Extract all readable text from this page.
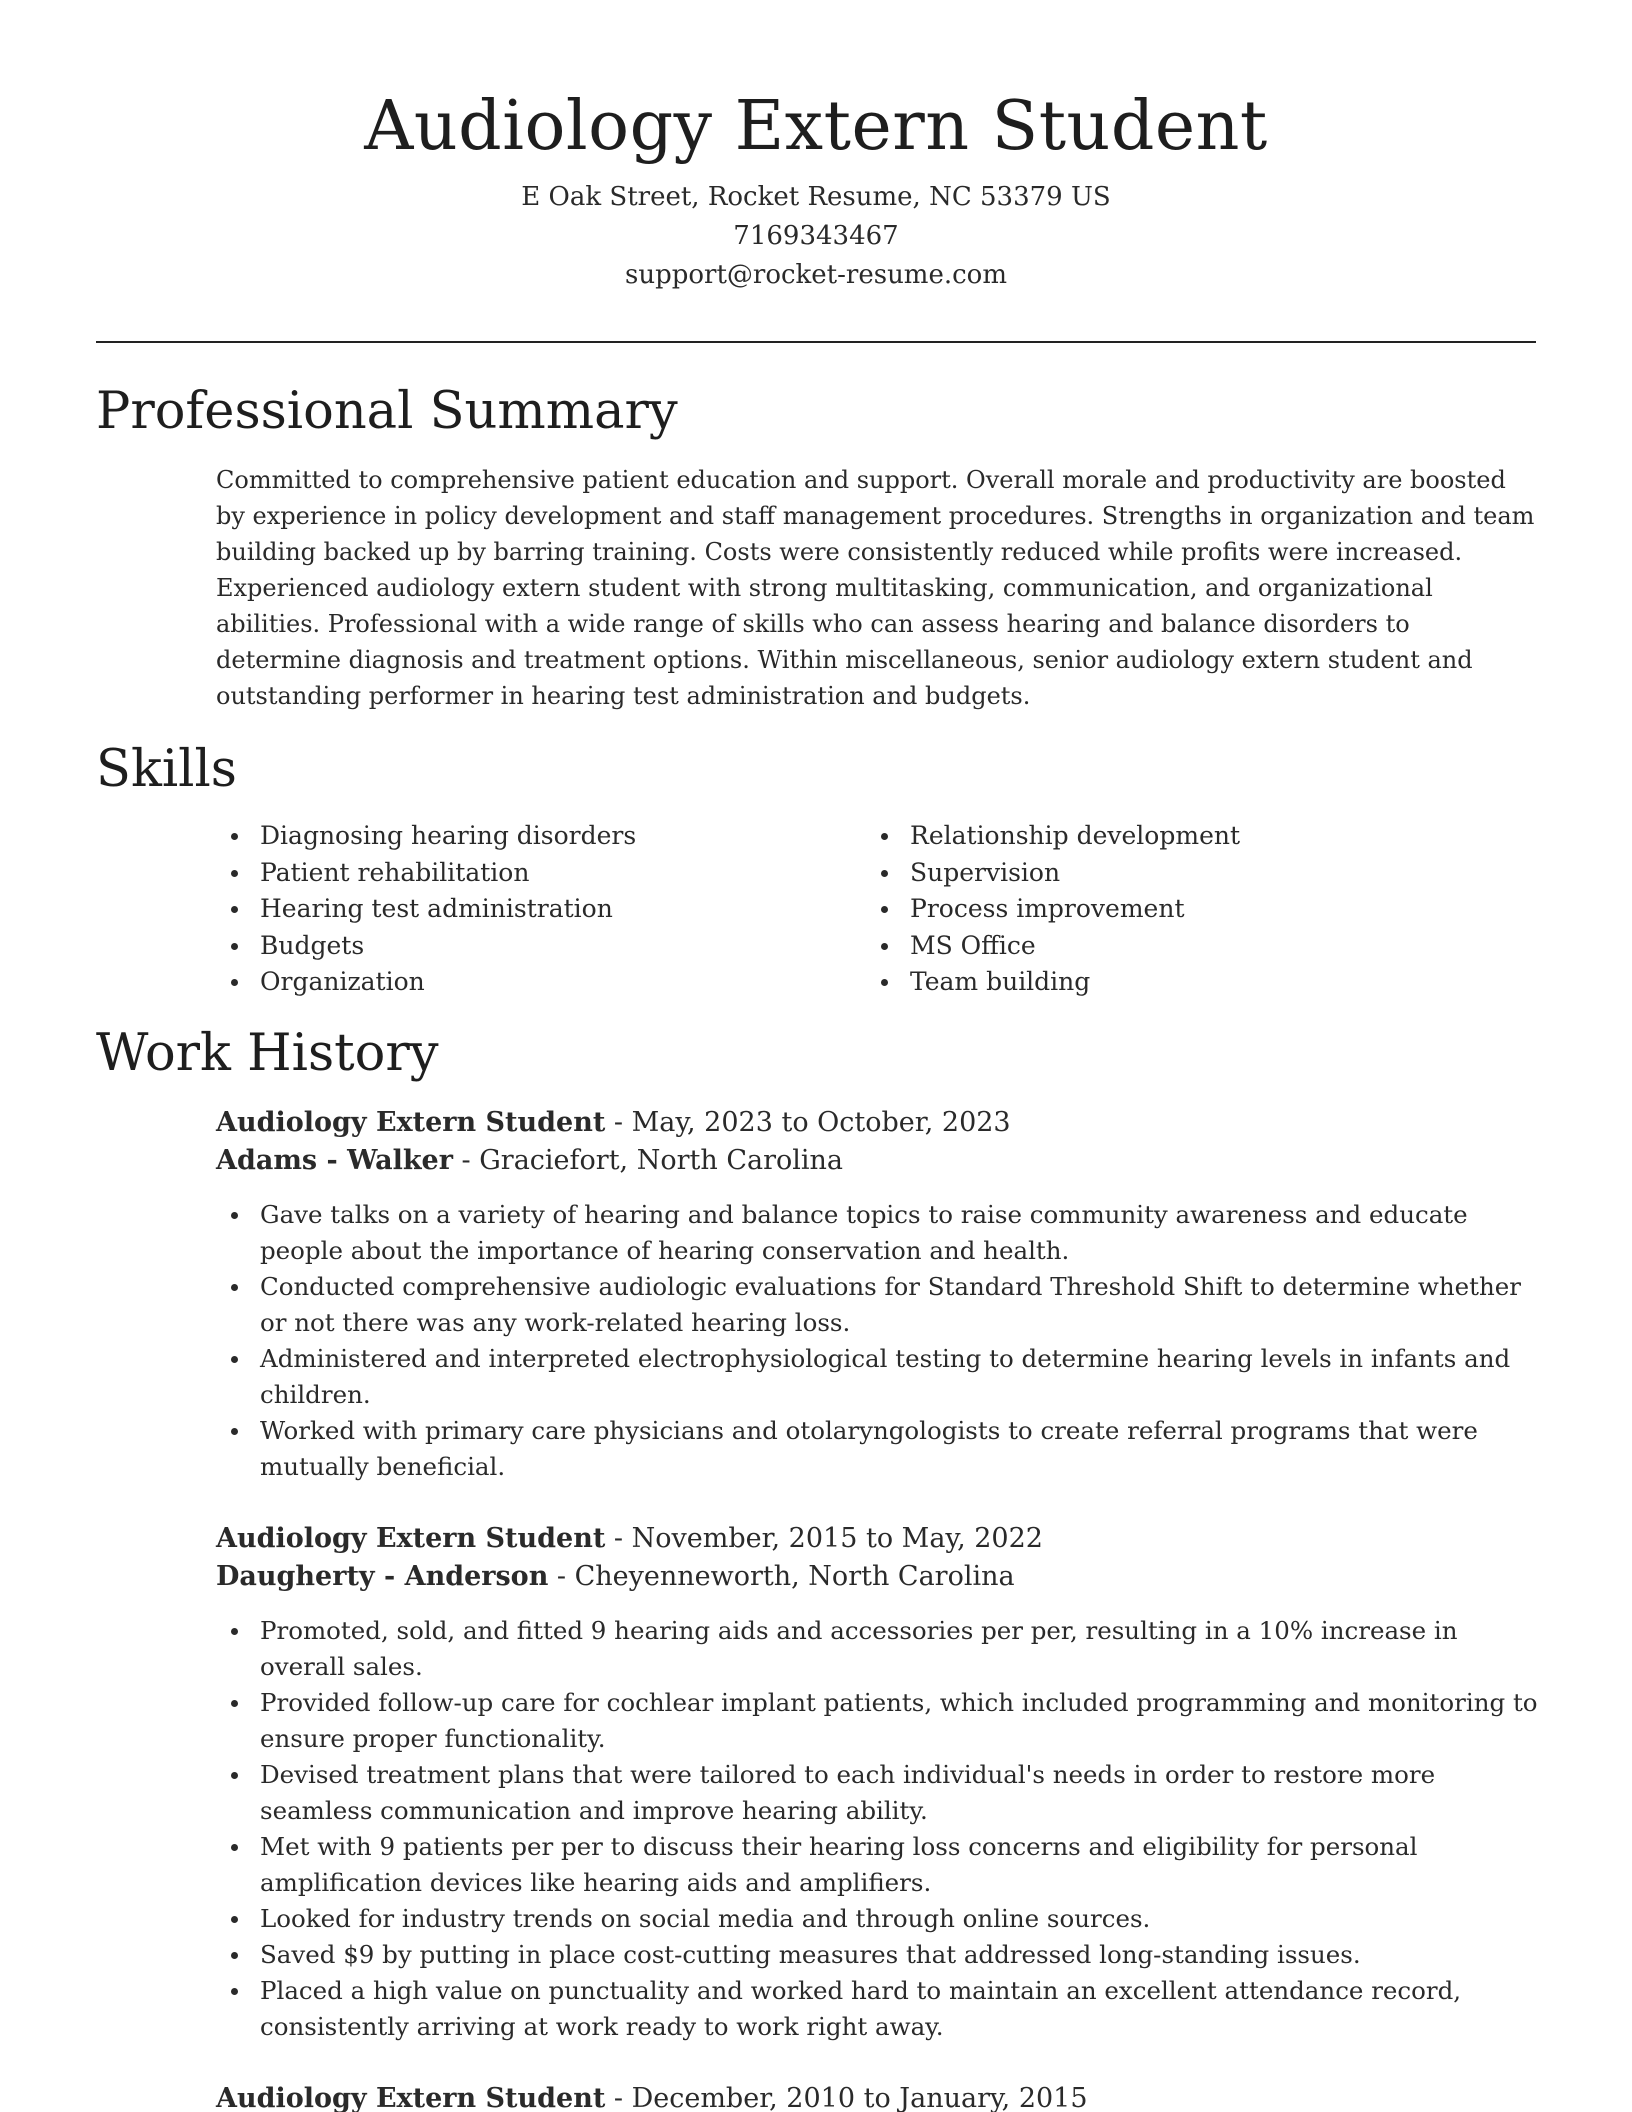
Audiology Extern Student
E Oak Street, Rocket Resume, NC 53379 US
7169343467
support@rocket-resume.com
Professional Summary

Committed to comprehensive patient education and support. Overall morale and productivity are boosted by experience in policy development and staff management procedures. Strengths in organization and team building backed up by barring training. Costs were consistently reduced while profits were increased. Experienced audiology extern student with strong multitasking, communication, and organizational abilities. Professional with a wide range of skills who can assess hearing and balance disorders to determine diagnosis and treatment options. Within miscellaneous, senior audiology extern student and outstanding performer in hearing test administration and budgets.

Skills
Diagnosing hearing disorders
Patient rehabilitation
Hearing test administration
Budgets
Organization
Relationship development
Supervision
Process improvement
MS Office
Team building
Work History
Audiology Extern Student - May, 2023 to October, 2023
Adams - Walker - Graciefort, North Carolina
Gave talks on a variety of hearing and balance topics to raise community awareness and educate people about the importance of hearing conservation and health.
Conducted comprehensive audiologic evaluations for Standard Threshold Shift to determine whether or not there was any work-related hearing loss.
Administered and interpreted electrophysiological testing to determine hearing levels in infants and children.
Worked with primary care physicians and otolaryngologists to create referral programs that were mutually beneficial.
Audiology Extern Student - November, 2015 to May, 2022
Daugherty - Anderson - Cheyenneworth, North Carolina
Promoted, sold, and fitted 9 hearing aids and accessories per per, resulting in a 10% increase in overall sales.
Provided follow-up care for cochlear implant patients, which included programming and monitoring to ensure proper functionality.
Devised treatment plans that were tailored to each individual's needs in order to restore more seamless communication and improve hearing ability.
Met with 9 patients per per to discuss their hearing loss concerns and eligibility for personal amplification devices like hearing aids and amplifiers.
Looked for industry trends on social media and through online sources.
Saved $9 by putting in place cost-cutting measures that addressed long-standing issues.
Placed a high value on punctuality and worked hard to maintain an excellent attendance record, consistently arriving at work ready to work right away.
Audiology Extern Student - December, 2010 to January, 2015
